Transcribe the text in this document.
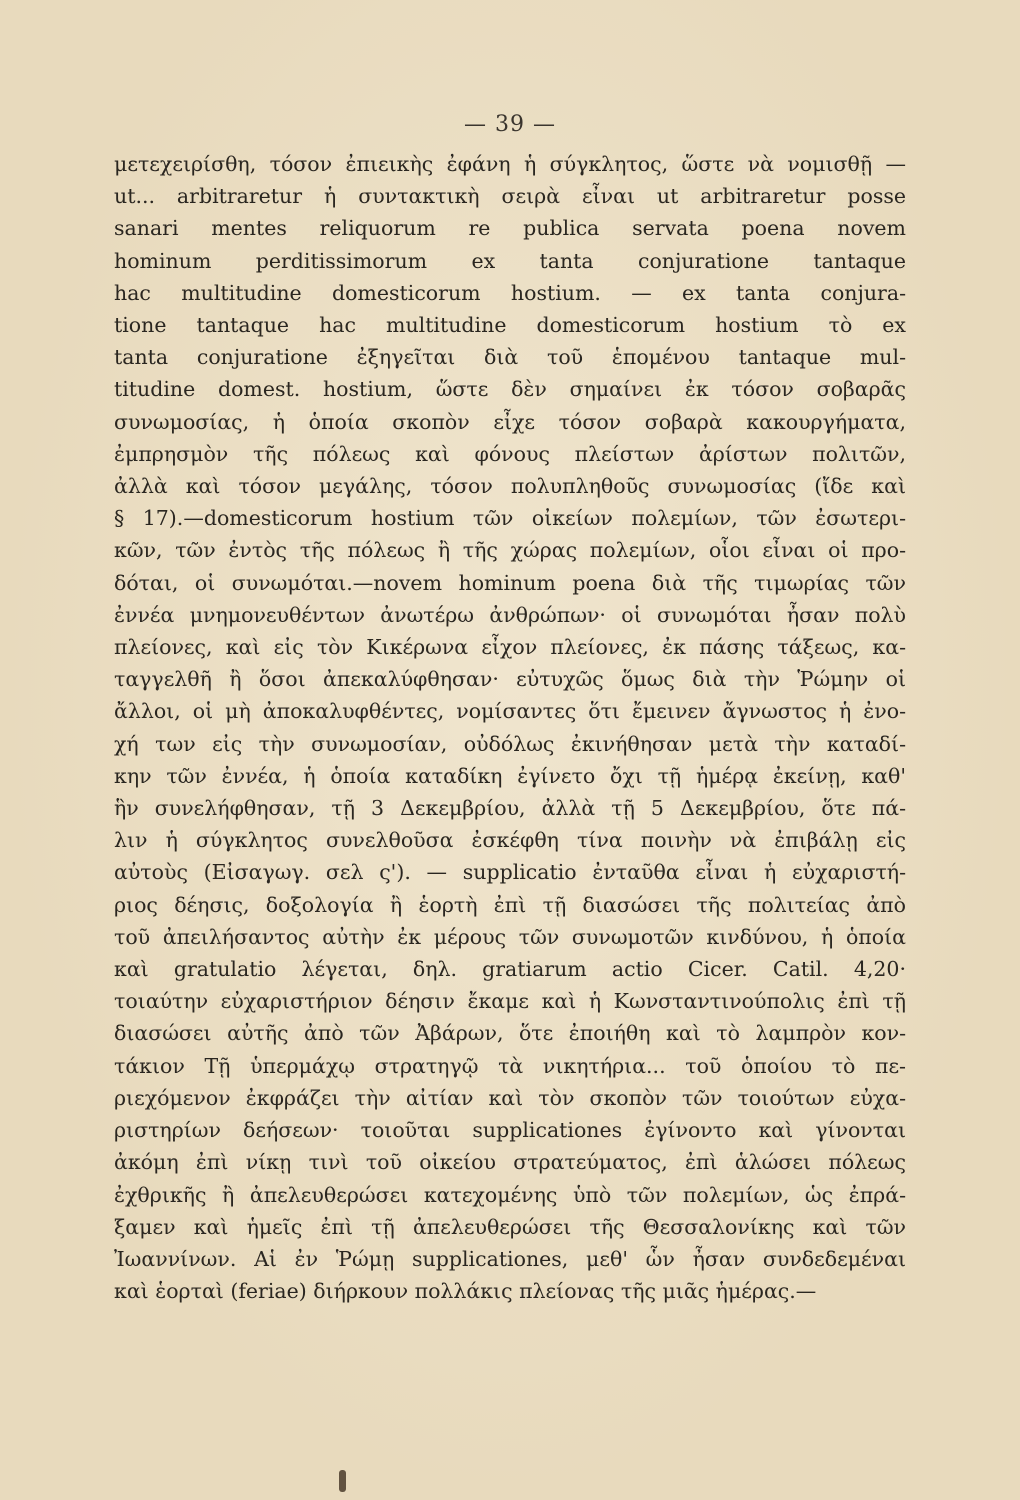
— 39 —
μετεχειρίσθη, τόσον ἐπιεικὴς ἐφάνη ἡ σύγκλητος, ὥστε νὰ νομισθῇ —
ut... arbitraretur ἡ συντακτικὴ σειρὰ εἶναι ut arbitraretur posse
sanari mentes reliquorum re publica servata poena novem
hominum perditissimorum ex tanta conjuratione tantaque
hac multitudine domesticorum hostium. — ex tanta conjura-
tione tantaque hac multitudine domesticorum hostium τὸ ex
tanta conjuratione ἐξηγεῖται διὰ τοῦ ἑπομένου tantaque mul-
titudine domest. hostium, ὥστε δὲν σημαίνει ἐκ τόσον σοβαρᾶς
συνωμοσίας, ἡ ὁποία σκοπὸν εἶχε τόσον σοβαρὰ κακουργήματα,
ἐμπρησμὸν τῆς πόλεως καὶ φόνους πλείστων ἀρίστων πολιτῶν,
ἀλλὰ καὶ τόσον μεγάλης, τόσον πολυπληθοῦς συνωμοσίας (ἴδε καὶ
§ 17).—domesticorum hostium τῶν οἰκείων πολεμίων, τῶν ἐσωτερι-
κῶν, τῶν ἐντὸς τῆς πόλεως ἢ τῆς χώρας πολεμίων, οἷοι εἶναι οἱ προ-
δόται, οἱ συνωμόται.—novem hominum poena διὰ τῆς τιμωρίας τῶν
ἐννέα μνημονευθέντων ἀνωτέρω ἀνθρώπων· οἱ συνωμόται ἦσαν πολὺ
πλείονες, καὶ εἰς τὸν Κικέρωνα εἶχον πλείονες, ἐκ πάσης τάξεως, κα-
ταγγελθῆ ἢ ὅσοι ἀπεκαλύφθησαν· εὐτυχῶς ὅμως διὰ τὴν Ῥώμην οἱ
ἄλλοι, οἱ μὴ ἀποκαλυφθέντες, νομίσαντες ὅτι ἔμεινεν ἄγνωστος ἡ ἐνο-
χή των εἰς τὴν συνωμοσίαν, οὐδόλως ἐκινήθησαν μετὰ τὴν καταδί-
κην τῶν ἐννέα, ἡ ὁποία καταδίκη ἐγίνετο ὄχι τῇ ἡμέρᾳ ἐκείνῃ, καθ'
ἣν συνελήφθησαν, τῇ 3 Δεκεμβρίου, ἀλλὰ τῇ 5 Δεκεμβρίου, ὅτε πά-
λιν ἡ σύγκλητος συνελθοῦσα ἐσκέφθη τίνα ποινὴν νὰ ἐπιβάλῃ εἰς
αὐτοὺς (Εἰσαγωγ. σελ ς'). — supplicatio ἐνταῦθα εἶναι ἡ εὐχαριστή-
ριος δέησις, δοξολογία ἢ ἑορτὴ ἐπὶ τῇ διασώσει τῆς πολιτείας ἀπὸ
τοῦ ἀπειλήσαντος αὐτὴν ἐκ μέρους τῶν συνωμοτῶν κινδύνου, ἡ ὁποία
καὶ gratulatio λέγεται, δηλ. gratiarum actio Cicer. Catil. 4,20·
τοιαύτην εὐχαριστήριον δέησιν ἔκαμε καὶ ἡ Κωνσταντινούπολις ἐπὶ τῇ
διασώσει αὐτῆς ἀπὸ τῶν Ἀβάρων, ὅτε ἐποιήθη καὶ τὸ λαμπρὸν κον-
τάκιον Τῇ ὑπερμάχῳ στρατηγῷ τὰ νικητήρια... τοῦ ὁποίου τὸ πε-
ριεχόμενον ἐκφράζει τὴν αἰτίαν καὶ τὸν σκοπὸν τῶν τοιούτων εὐχα-
ριστηρίων δεήσεων· τοιοῦται supplicationes ἐγίνοντο καὶ γίνονται
ἀκόμη ἐπὶ νίκῃ τινὶ τοῦ οἰκείου στρατεύματος, ἐπὶ ἁλώσει πόλεως
ἐχθρικῆς ἢ ἀπελευθερώσει κατεχομένης ὑπὸ τῶν πολεμίων, ὡς ἐπρά-
ξαμεν καὶ ἡμεῖς ἐπὶ τῇ ἀπελευθερώσει τῆς Θεσσαλονίκης καὶ τῶν
Ἰωαννίνων. Αἱ ἐν Ῥώμῃ supplicationes, μεθ' ὧν ἦσαν συνδεδεμέναι
καὶ ἑορταὶ (feriae) διήρκουν πολλάκις πλείονας τῆς μιᾶς ἡμέρας.—
